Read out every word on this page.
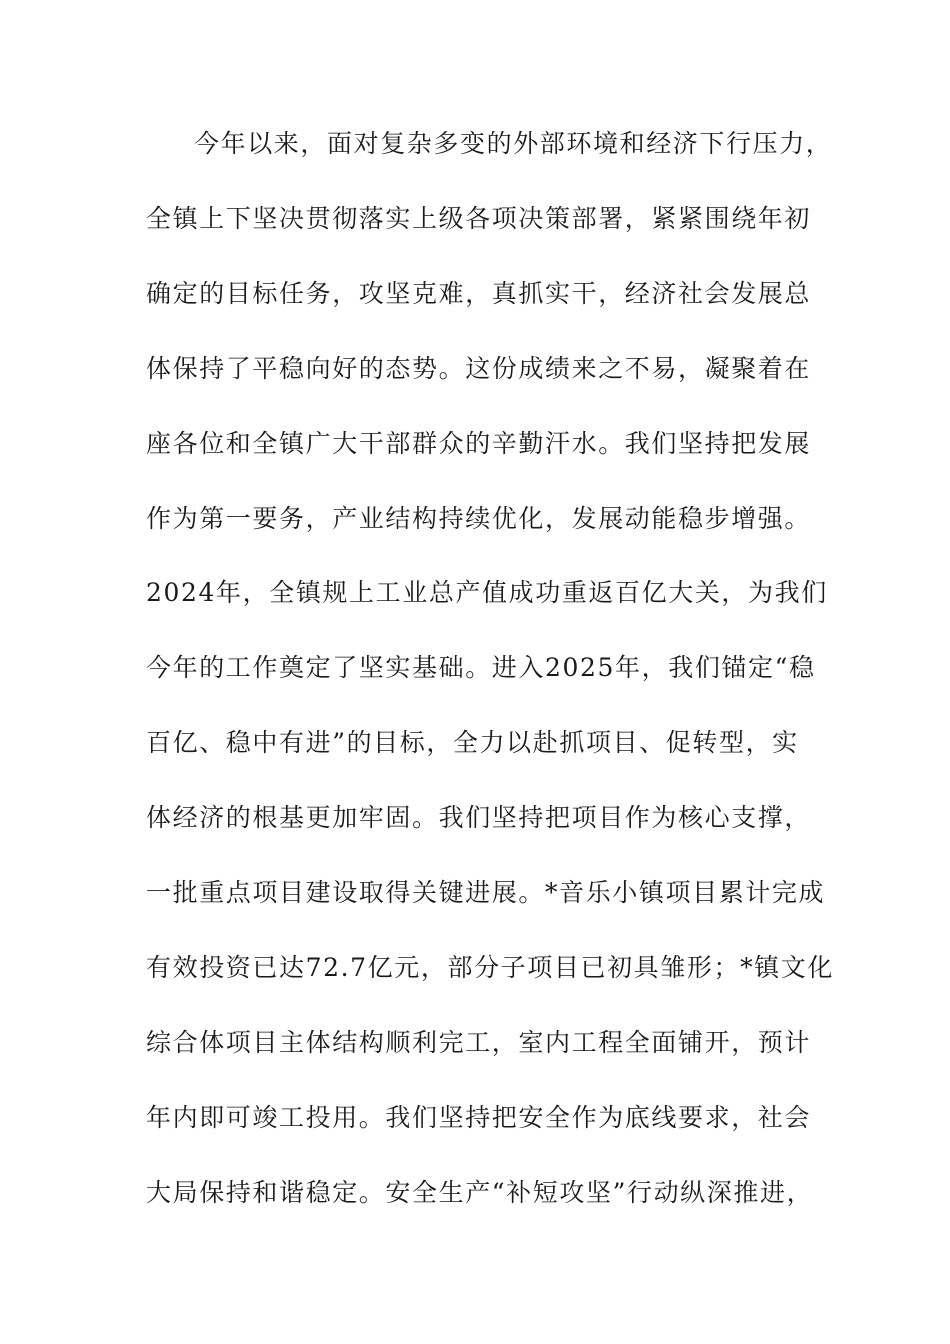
今年以来，面对复杂多变的外部环境和经济下行压力，
全镇上下坚决贯彻落实上级各项决策部署，紧紧围绕年初
确定的目标任务，攻坚克难，真抓实干，经济社会发展总
体保持了平稳向好的态势。这份成绩来之不易，凝聚着在
座各位和全镇广大干部群众的辛勤汗水。我们坚持把发展
作为第一要务，产业结构持续优化，发展动能稳步增强。
2024年，全镇规上工业总产值成功重返百亿大关，为我们
今年的工作奠定了坚实基础。进入2025年，我们锚定“稳
百亿、稳中有进”的目标，全力以赴抓项目、促转型，实
体经济的根基更加牢固。我们坚持把项目作为核心支撑，
一批重点项目建设取得关键进展。*音乐小镇项目累计完成
有效投资已达72.7亿元，部分子项目已初具雏形；*镇文化
综合体项目主体结构顺利完工，室内工程全面铺开，预计
年内即可竣工投用。我们坚持把安全作为底线要求，社会
大局保持和谐稳定。安全生产“补短攻坚”行动纵深推进，
